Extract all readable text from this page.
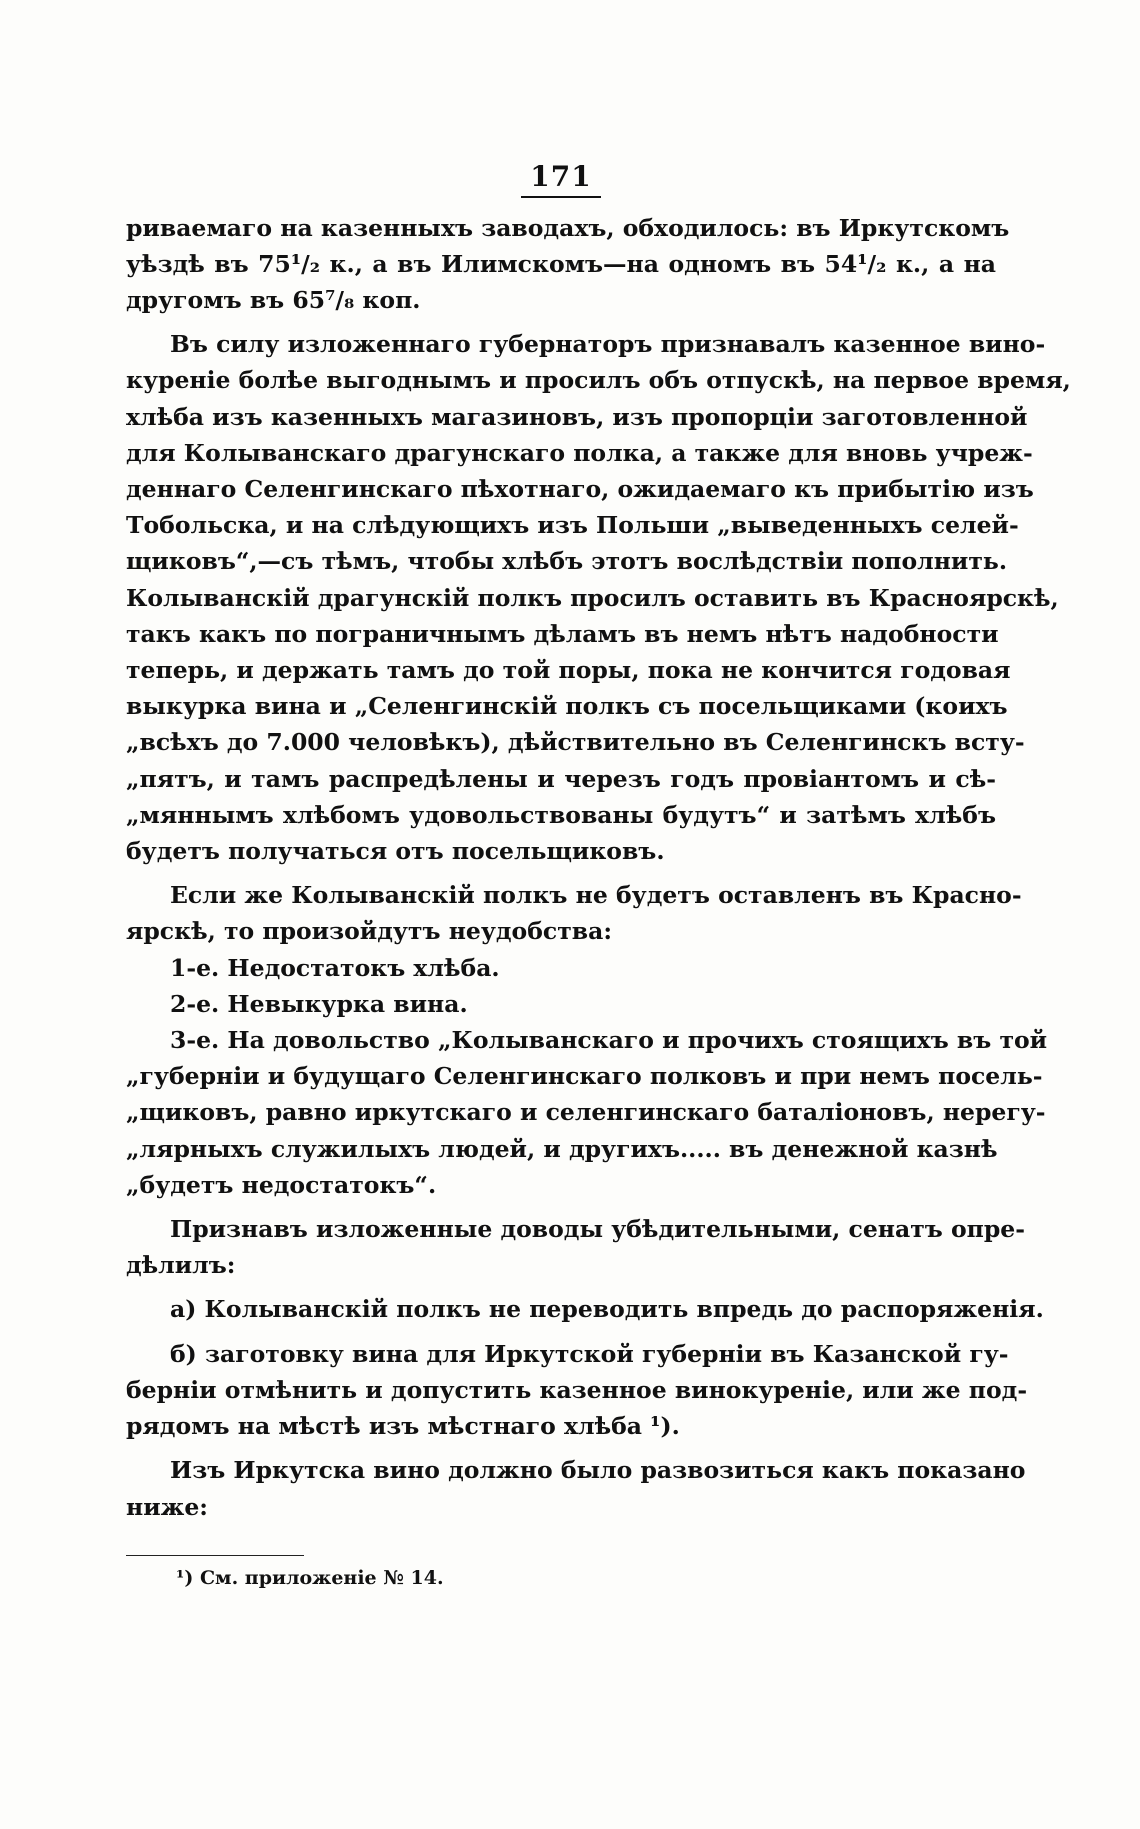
171
риваемаго на казенныхъ заводахъ, обходилось: въ Иркутскомъ
уѣздѣ въ 75¹/₂ к., а въ Илимскомъ—на одномъ въ 54¹/₂ к., а на
другомъ въ 65⁷/₈ коп.
Въ силу изложеннаго губернаторъ признавалъ казенное вино-
куреніе болѣе выгоднымъ и просилъ объ отпускѣ, на первое время,
хлѣба изъ казенныхъ магазиновъ, изъ пропорціи заготовленной
для Колыванскаго драгунскаго полка, а также для вновь учреж-
деннаго Селенгинскаго пѣхотнаго, ожидаемаго къ прибытію изъ
Тобольска, и на слѣдующихъ изъ Польши „выведенныхъ селей-
щиковъ“,—съ тѣмъ, чтобы хлѣбъ этотъ вослѣдствіи пополнить.
Колыванскій драгунскій полкъ просилъ оставить въ Красноярскѣ,
такъ какъ по пограничнымъ дѣламъ въ немъ нѣтъ надобности
теперь, и держать тамъ до той поры, пока не кончится годовая
выкурка вина и „Селенгинскій полкъ съ посельщиками (коихъ
„всѣхъ до 7.000 человѣкъ), дѣйствительно въ Селенгинскъ всту-
„пятъ, и тамъ распредѣлены и черезъ годъ провіантомъ и сѣ-
„мяннымъ хлѣбомъ удовольствованы будутъ“ и затѣмъ хлѣбъ
будетъ получаться отъ посельщиковъ.
Если же Колыванскій полкъ не будетъ оставленъ въ Красно-
ярскѣ, то произойдутъ неудобства:
1-е. Недостатокъ хлѣба.
2-е. Невыкурка вина.
3-е. На довольство „Колыванскаго и прочихъ стоящихъ въ той
„губерніи и будущаго Селенгинскаго полковъ и при немъ посель-
„щиковъ, равно иркутскаго и селенгинскаго баталіоновъ, нерегу-
„лярныхъ служилыхъ людей, и другихъ..... въ денежной казнѣ
„будетъ недостатокъ“.
Признавъ изложенные доводы убѣдительными, сенатъ опре-
дѣлилъ:
а) Колыванскій полкъ не переводить впредь до распоряженія.
б) заготовку вина для Иркутской губерніи въ Казанской гу-
берніи отмѣнить и допустить казенное винокуреніе, или же под-
рядомъ на мѣстѣ изъ мѣстнаго хлѣба ¹).
Изъ Иркутска вино должно было развозиться какъ показано
ниже:
¹) См. приложеніе № 14.
